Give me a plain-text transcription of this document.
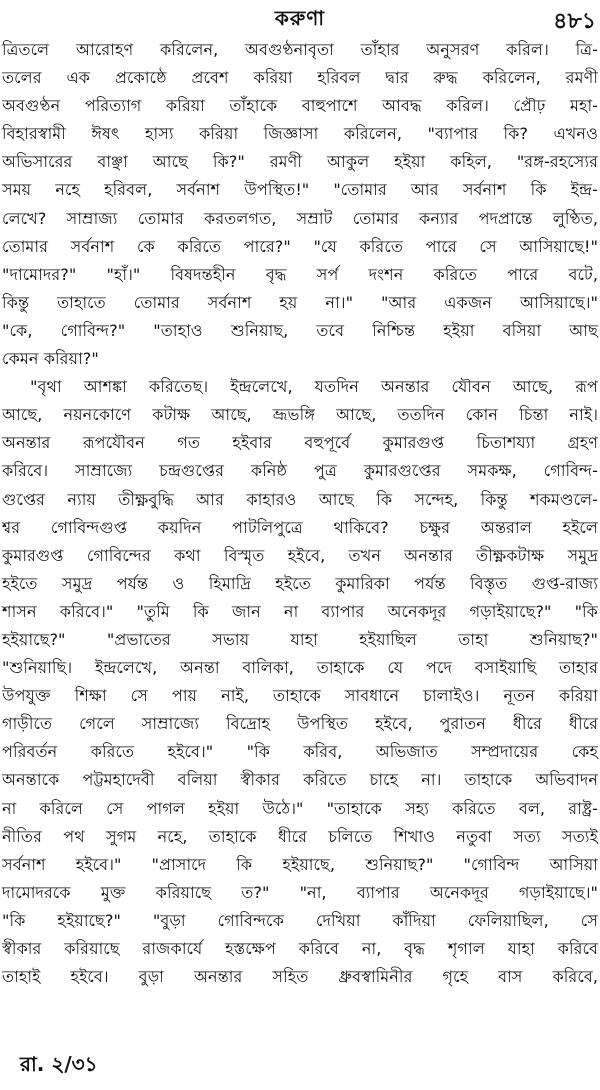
করুণা	৪৮১
ত্রিতলে আরোহণ করিলেন, অবগুণ্ঠনাবৃতা তাঁহার অনুসরণ করিল। ত্রি-
তলের এক প্রকোষ্ঠে প্রবেশ করিয়া হরিবল দ্বার রুদ্ধ করিলেন, রমণী
অবগুণ্ঠন পরিত্যাগ করিয়া তাঁহাকে বাহুপাশে আবদ্ধ করিল। প্রৌঢ় মহা-
বিহারস্বামী ঈষৎ হাস্য করিয়া জিজ্ঞাসা করিলেন, "ব্যাপার কি? এখনও
অভিসারের বাঞ্ছা আছে কি?" রমণী আকুল হইয়া কহিল, "রঙ্গ-রহস্যের
সময় নহে হরিবল, সর্বনাশ উপস্থিত!" "তোমার আর সর্বনাশ কি ইন্দ্র-
লেখে? সাম্রাজ্য তোমার করতলগত, সম্রাট তোমার কন্যার পদপ্রান্তে লুণ্ঠিত,
তোমার সর্বনাশ কে করিতে পারে?" "যে করিতে পারে সে আসিয়াছে!"
"দামোদর?" "হাঁ।" বিষদন্তহীন বৃদ্ধ সর্প দংশন করিতে পারে বটে,
কিন্তু তাহাতে তোমার সর্বনাশ হয় না।" "আর একজন আসিয়াছে।"
"কে, গোবিন্দ?" "তাহাও শুনিয়াছ, তবে নিশ্চিন্ত হইয়া বসিয়া আছ
কেমন করিয়া?"
"বৃথা আশঙ্কা করিতেছ। ইন্দ্রলেখে, যতদিন অনন্তার যৌবন আছে, রূপ
আছে, নয়নকোণে কটাক্ষ আছে, ভ্রূভঙ্গি আছে, ততদিন কোন চিন্তা নাই।
অনন্তার রূপযৌবন গত হইবার বহুপূর্বে কুমারগুপ্ত চিতাশয্যা গ্রহণ
করিবে। সাম্রাজ্যে চন্দ্রগুপ্তের কনিষ্ঠ পুত্র কুমারগুপ্তের সমকক্ষ, গোবিন্দ-
গুপ্তের ন্যায় তীক্ষ্ণবুদ্ধি আর কাহারও আছে কি সন্দেহ, কিন্তু শকমণ্ডলে-
শ্বর গোবিন্দগুপ্ত কয়দিন পাটলিপুত্রে থাকিবে? চক্ষুর অন্তরাল হইলে
কুমারগুপ্ত গোবিন্দের কথা বিস্মৃত হইবে, তখন অনন্তার তীক্ষ্ণকটাক্ষ সমুদ্র
হইতে সমুদ্র পর্যন্ত ও হিমাদ্রি হইতে কুমারিকা পর্যন্ত বিস্তৃত গুপ্ত-রাজ্য
শাসন করিবে।" "তুমি কি জান না ব্যাপার অনেকদূর গড়াইয়াছে?" "কি
হইয়াছে?" "প্রভাতের সভায় যাহা হইয়াছিল তাহা শুনিয়াছ?"
"শুনিয়াছি। ইন্দ্রলেখে, অনন্তা বালিকা, তাহাকে যে পদে বসাইয়াছি তাহার
উপযুক্ত শিক্ষা সে পায় নাই, তাহাকে সাবধানে চালাইও। নূতন করিয়া
গাড়ীতে গেলে সাম্রাজ্যে বিদ্রোহ উপস্থিত হইবে, পুরাতন ধীরে ধীরে
পরিবর্তন করিতে হইবে।" "কি করিব, অভিজাত সম্প্রদায়ের কেহ
অনন্তাকে পট্টমহাদেবী বলিয়া স্বীকার করিতে চাহে না। তাহাকে অভিবাদন
না করিলে সে পাগল হইয়া উঠে।" "তাহাকে সহ্য করিতে বল, রাষ্ট্র-
নীতির পথ সুগম নহে, তাহাকে ধীরে চলিতে শিখাও নতুবা সত্য সত্যই
সর্বনাশ হইবে।" "প্রাসাদে কি হইয়াছে, শুনিয়াছ?" "গোবিন্দ আসিয়া
দামোদরকে মুক্ত করিয়াছে ত?" "না, ব্যাপার অনেকদূর গড়াইয়াছে।"
"কি হইয়াছে?" "বুড়া গোবিন্দকে দেখিয়া কাঁদিয়া ফেলিয়াছিল, সে
স্বীকার করিয়াছে রাজকার্যে হস্তক্ষেপ করিবে না, বৃদ্ধ শৃগাল যাহা করিবে
তাহাই হইবে। বুড়া অনন্তার সহিত ধ্রুবস্বামিনীর গৃহে বাস করিবে,
রা. ২/৩১
